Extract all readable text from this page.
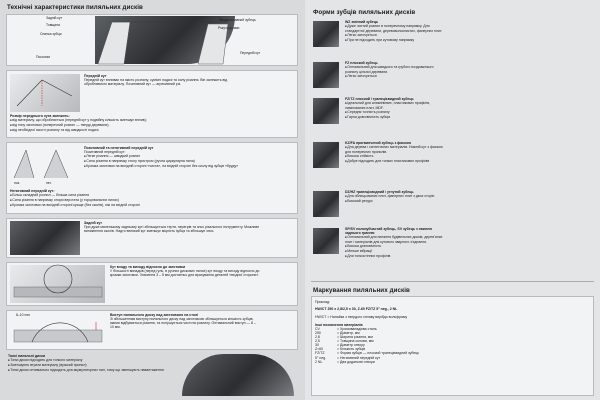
Технічні характеристики пиляльних дисків
Задній кут
Товщина
Твердосплавний зубець
Ріжучі кромки
Спинка зубця
Поколом
Передній кут
Передній кут
Передній кут впливає на якість розпилу, сумісні подачі та силу різання. Він залежить від обробляємого матеріалу. Позитивний кут — агресивний різ.
Розмір переднього кута залежить:
■ від матеріалу, що обробляється (передній кут у подвійну кількість зменшує вплив);
■ від типу заготовки (поперечний розпил — тверді деревини);
■ від необхідної якості розпилу та від швидкості подачі.
поз.	нег.
Позитивний та негативний передній кут
Позитивний передній кут:
■ Легке різання — швидкий розпил
■ Сила різання в напрямку столу пристрою (ручна циркулярна пила)
■ Кромка заготовки на вихідній стороні «чиста», на вхідній стороні без сколу від зубців «бруду»
Негативний передній кут:
■ Більш складний розпил — більша сила різання
■ Сила різання в напрямку опори верстата (у торцювальних пилах)
■ Кромка заготовки на вихідній стороні краще (без сколів), ніж на вхідній стороні
Задній кут
При дуже маленькому задньому куті збільшується тертя, перегрів та знос різального інструменту. Можливе виникнення сколів. Надто великий кут зменшує міцність зубця та збільшує знос.
Кут входу та виходу відносно до заготовки
У більшості випадків (перед гуль, в ручних дискових пилах) кут входу та виходу відносно до кромки заготовки. Значення 3 – 5 мм достатньо для врахування деталей «вхідної сторони».
8–10 mm	Виступ пиляльного диску над заготовкою на столі
Зі збільшенням виступу пиляльного диску над заготовкою збільшується кількість зубців, якими відбувається різання, та погіршується чистота розпилу. Оптимальний виступ — 8 – 10 мм.
Тонкі пиляльні диски
■ Тонкі диски підходять для тонкого матеріалу
■ Зменшують втрати матеріалу (вузький пропил)
■ Тонкі диски оптимально підходять для акумуляторних пил, тому що зменшують навантаження
Форми зубців пиляльних дисків
WZ змінний зубець
■ Дуже чистий розпил в поперечному напрямку. Для стандартної деревини, деревоволокнистих, фанерних плит.
■ Легко заточується
■ При не підходить при кутовому напрямку
FZ плоский зубець
■ Оптимальний для швидкого та грубого поздовжнього розпилу цільної деревини.
■ Легко заточується
FZ/TZ плоский / трапецієвидний зубець
■ Ідеальний для алюмінієвих, пластикових профілів, ламінованих плит, MDF.
■ Середня точність розпилу
■ Гарна довговічність зубців
KZ/FA пригвинчений зубець з фаскою
■ Для дерева і синтетичних матеріалів. Нижній кут з фаскою для поперечних пропилів.
■ Висока стійкість
■ Добре підходить для тонких пластикових профілів
DZ/HZ трапецієвидний / угнутий зубець
■ Для облицьованих плит, фанерних плит з двох сторін.
■ Високий ресурс
SP/SV пилозубчастий зубець, SV зубець з хвилею заднього гранню
■ Оптимальний для пиляння будівельних дисків, дерев’яних плит і матеріалів для кутового зварного з'єднання.
■ Висока довговічність
■ Менше вібрації
■ Для тонкостінних профілів
Маркування пиляльних дисків
Приклад:
HW/CT 250 x 2,8/2,5 x 30, Z-60 FZ/TZ 5° neg., 2 NL
HW/CT = Нанайка з твердого сплаву вирібдо вольфраму
Інші позначення матеріалів
CV	= Хромованадієва сталь
250	= Діаметр, мм
2,8	= Ширина різання, мм
2,5	= Товщина основи, мм
30	= Діаметр отвору
Z=60	= Кількість зубців
FZ/TZ	= Форма зубців — плоский трапецієвидний зубець
5° neg.	= Негативний передній кут
2 NL	= Два додаткові отвори
